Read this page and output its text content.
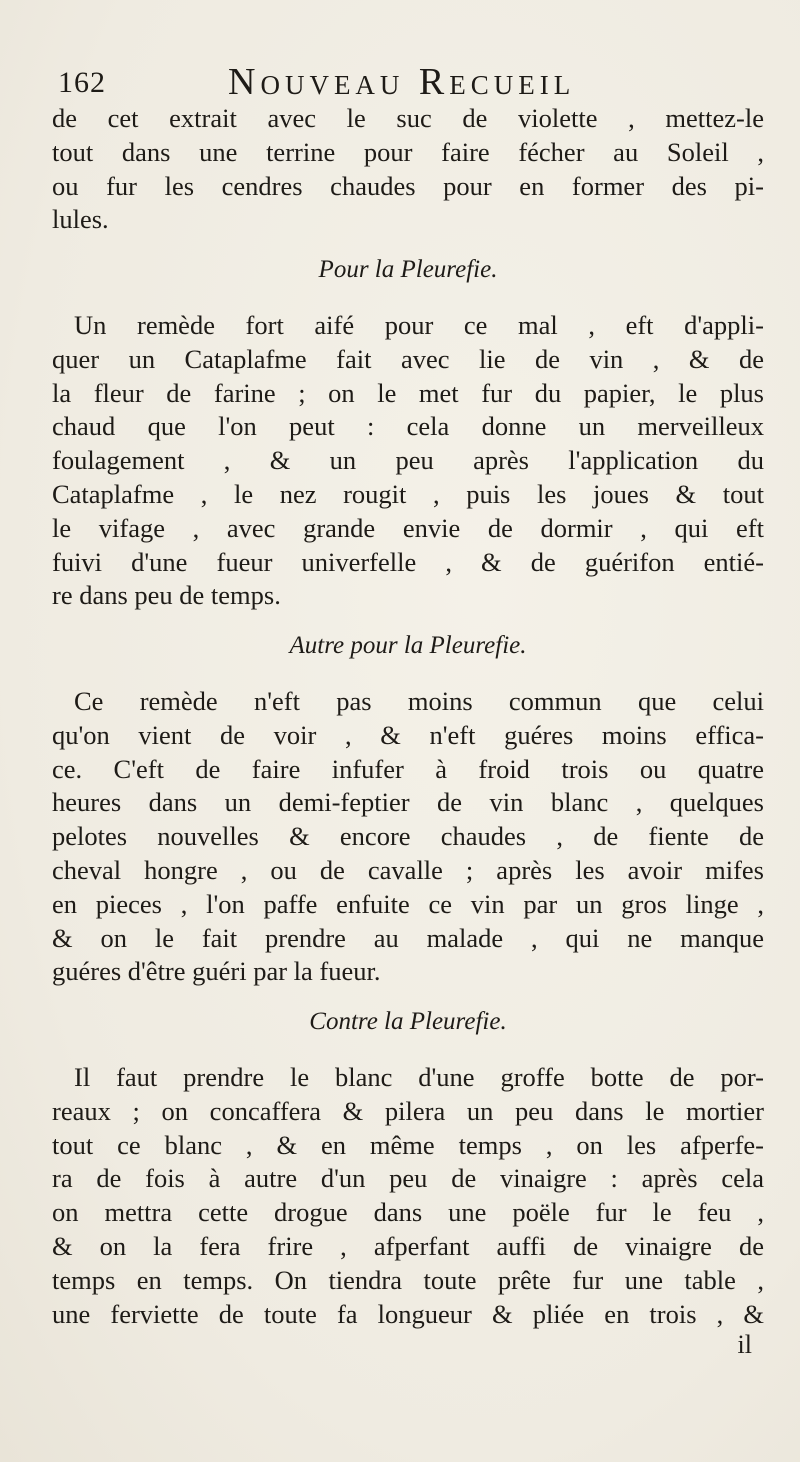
162	Nouveau Recueil
de cet extrait avec le suc de violette , mettez-le
tout dans une terrine pour faire fécher au Soleil ,
ou fur les cendres chaudes pour en former des pi-
lules.
Pour la Pleurefie.
Un remède fort aifé pour ce mal , eft d'appli-
quer un Cataplafme fait avec lie de vin , & de
la fleur de farine ; on le met fur du papier, le plus
chaud que l'on peut : cela donne un merveilleux
foulagement , & un peu après l'application du
Cataplafme , le nez rougit , puis les joues & tout
le vifage , avec grande envie de dormir , qui eft
fuivi d'une fueur univerfelle , & de guérifon entié-
re dans peu de temps.
Autre pour la Pleurefie.
Ce remède n'eft pas moins commun que celui
qu'on vient de voir , & n'eft guéres moins effica-
ce. C'eft de faire infufer à froid trois ou quatre
heures dans un demi-feptier de vin blanc , quelques
pelotes nouvelles & encore chaudes , de fiente de
cheval hongre , ou de cavalle ; après les avoir mifes
en pieces , l'on paffe enfuite ce vin par un gros linge ,
& on le fait prendre au malade , qui ne manque
guéres d'être guéri par la fueur.
Contre la Pleurefie.
Il faut prendre le blanc d'une groffe botte de por-
reaux ; on concaffera & pilera un peu dans le mortier
tout ce blanc , & en même temps , on les afperfe-
ra de fois à autre d'un peu de vinaigre : après cela
on mettra cette drogue dans une poële fur le feu ,
& on la fera frire , afperfant auffi de vinaigre de
temps en temps. On tiendra toute prête fur une table ,
une ferviette de toute fa longueur & pliée en trois , &
il
